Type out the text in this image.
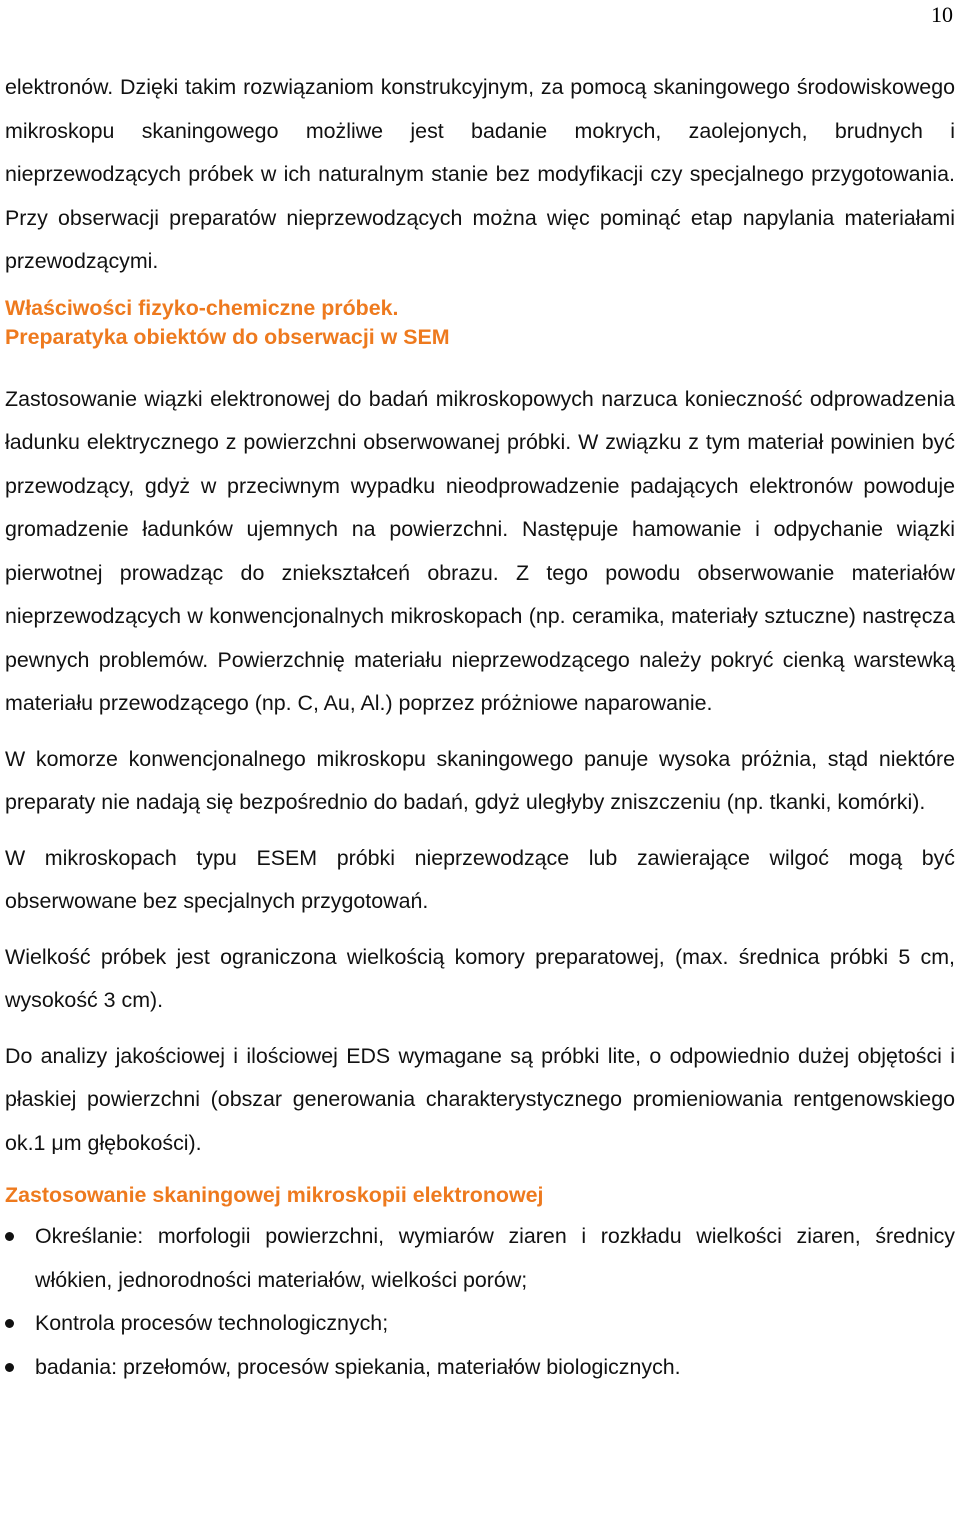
10

elektronów. Dzięki takim rozwiązaniom konstrukcyjnym, za pomocą skaningowego środowiskowego mikroskopu skaningowego możliwe jest badanie mokrych, zaolejonych, brudnych i nieprzewodzących próbek w ich naturalnym stanie bez modyfikacji czy specjalnego przygotowania. Przy obserwacji preparatów nieprzewodzących można więc pominąć etap napylania materiałami przewodzącymi.

Właściwości fizyko-chemiczne próbek.

Preparatyka obiektów do obserwacji w SEM

Zastosowanie wiązki elektronowej do badań mikroskopowych narzuca konieczność odprowadzenia ładunku elektrycznego z powierzchni obserwowanej próbki. W związku z tym materiał powinien być przewodzący, gdyż w przeciwnym wypadku nieodprowadzenie padających elektronów powoduje gromadzenie ładunków ujemnych na powierzchni. Następuje hamowanie i odpychanie wiązki pierwotnej prowadząc do zniekształceń obrazu. Z tego powodu obserwowanie materiałów nieprzewodzących w konwencjonalnych mikroskopach (np. ceramika, materiały sztuczne) nastręcza pewnych problemów. Powierzchnię materiału nieprzewodzącego należy pokryć cienką warstewką materiału przewodzącego (np. C, Au, Al.) poprzez próżniowe naparowanie.

W komorze konwencjonalnego mikroskopu skaningowego panuje wysoka próżnia, stąd niektóre preparaty nie nadają się bezpośrednio do badań, gdyż uległyby zniszczeniu (np. tkanki, komórki).

W mikroskopach typu ESEM próbki nieprzewodzące lub zawierające wilgoć mogą być obserwowane bez specjalnych przygotowań.

Wielkość próbek jest ograniczona wielkością komory preparatowej, (max. średnica próbki 5 cm, wysokość 3 cm).

Do analizy jakościowej i ilościowej EDS wymagane są próbki lite, o odpowiednio dużej objętości i płaskiej powierzchni (obszar generowania charakterystycznego promieniowania rentgenowskiego ok.1 μm głębokości).

Zastosowanie skaningowej mikroskopii elektronowej

Określanie: morfologii powierzchni, wymiarów ziaren i rozkładu wielkości ziaren, średnicy włókien, jednorodności materiałów, wielkości porów;
Kontrola procesów technologicznych;
badania: przełomów, procesów spiekania, materiałów biologicznych.
